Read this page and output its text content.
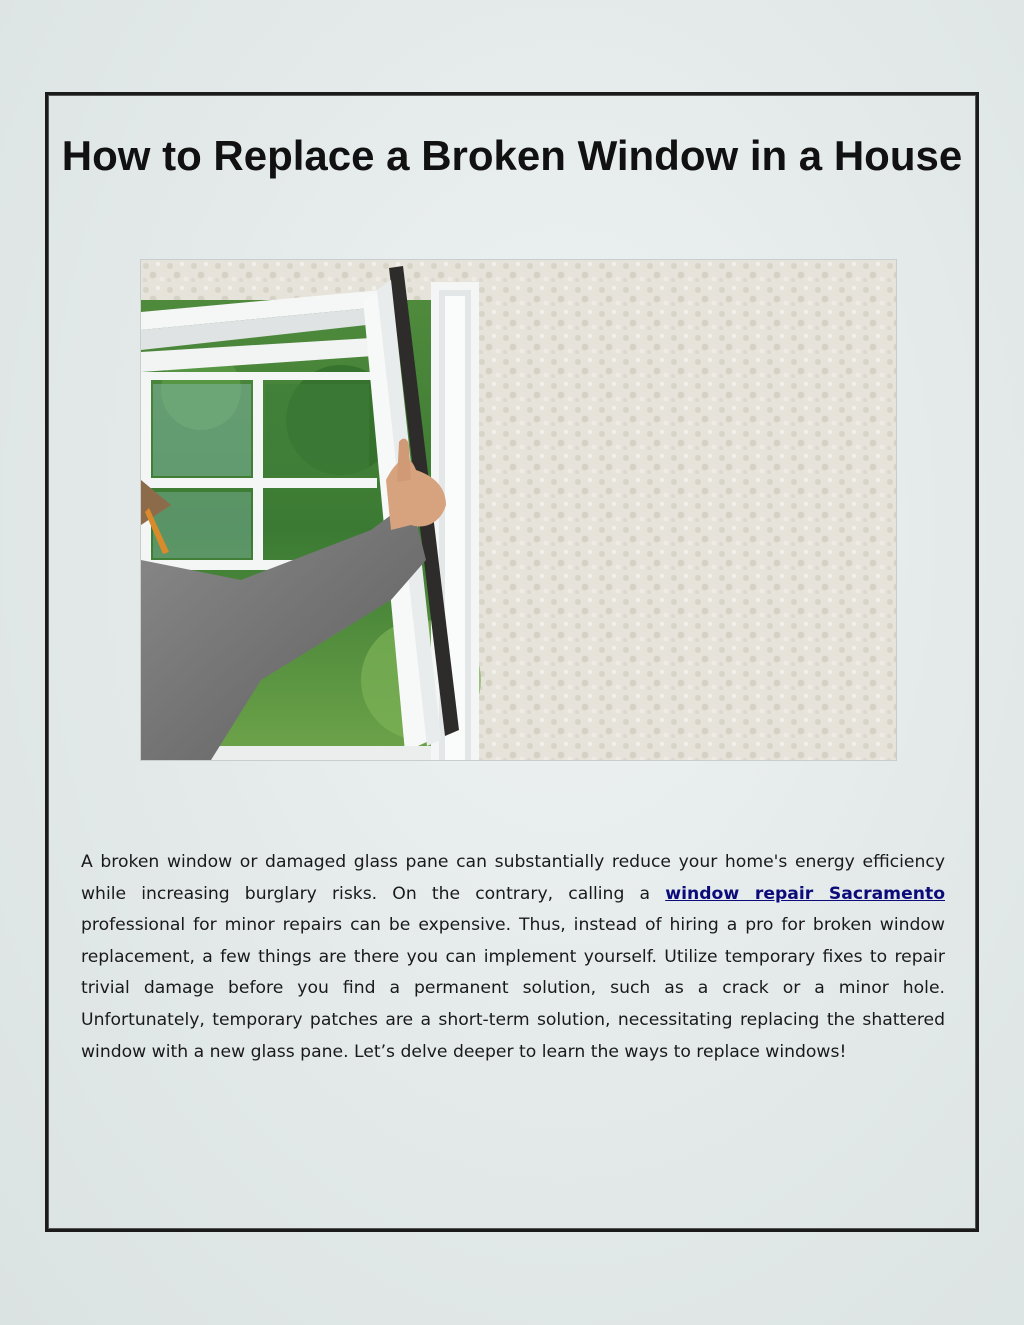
How to Replace a Broken Window in a House

A broken window or damaged glass pane can substantially reduce your home's energy efficiency while increasing burglary risks. On the contrary, calling a window repair Sacramento professional for minor repairs can be expensive. Thus, instead of hiring a pro for broken window replacement, a few things are there you can implement yourself. Utilize temporary fixes to repair trivial damage before you find a permanent solution, such as a crack or a minor hole. Unfortunately, temporary patches are a short-term solution, necessitating replacing the shattered window with a new glass pane. Let’s delve deeper to learn the ways to replace windows!
